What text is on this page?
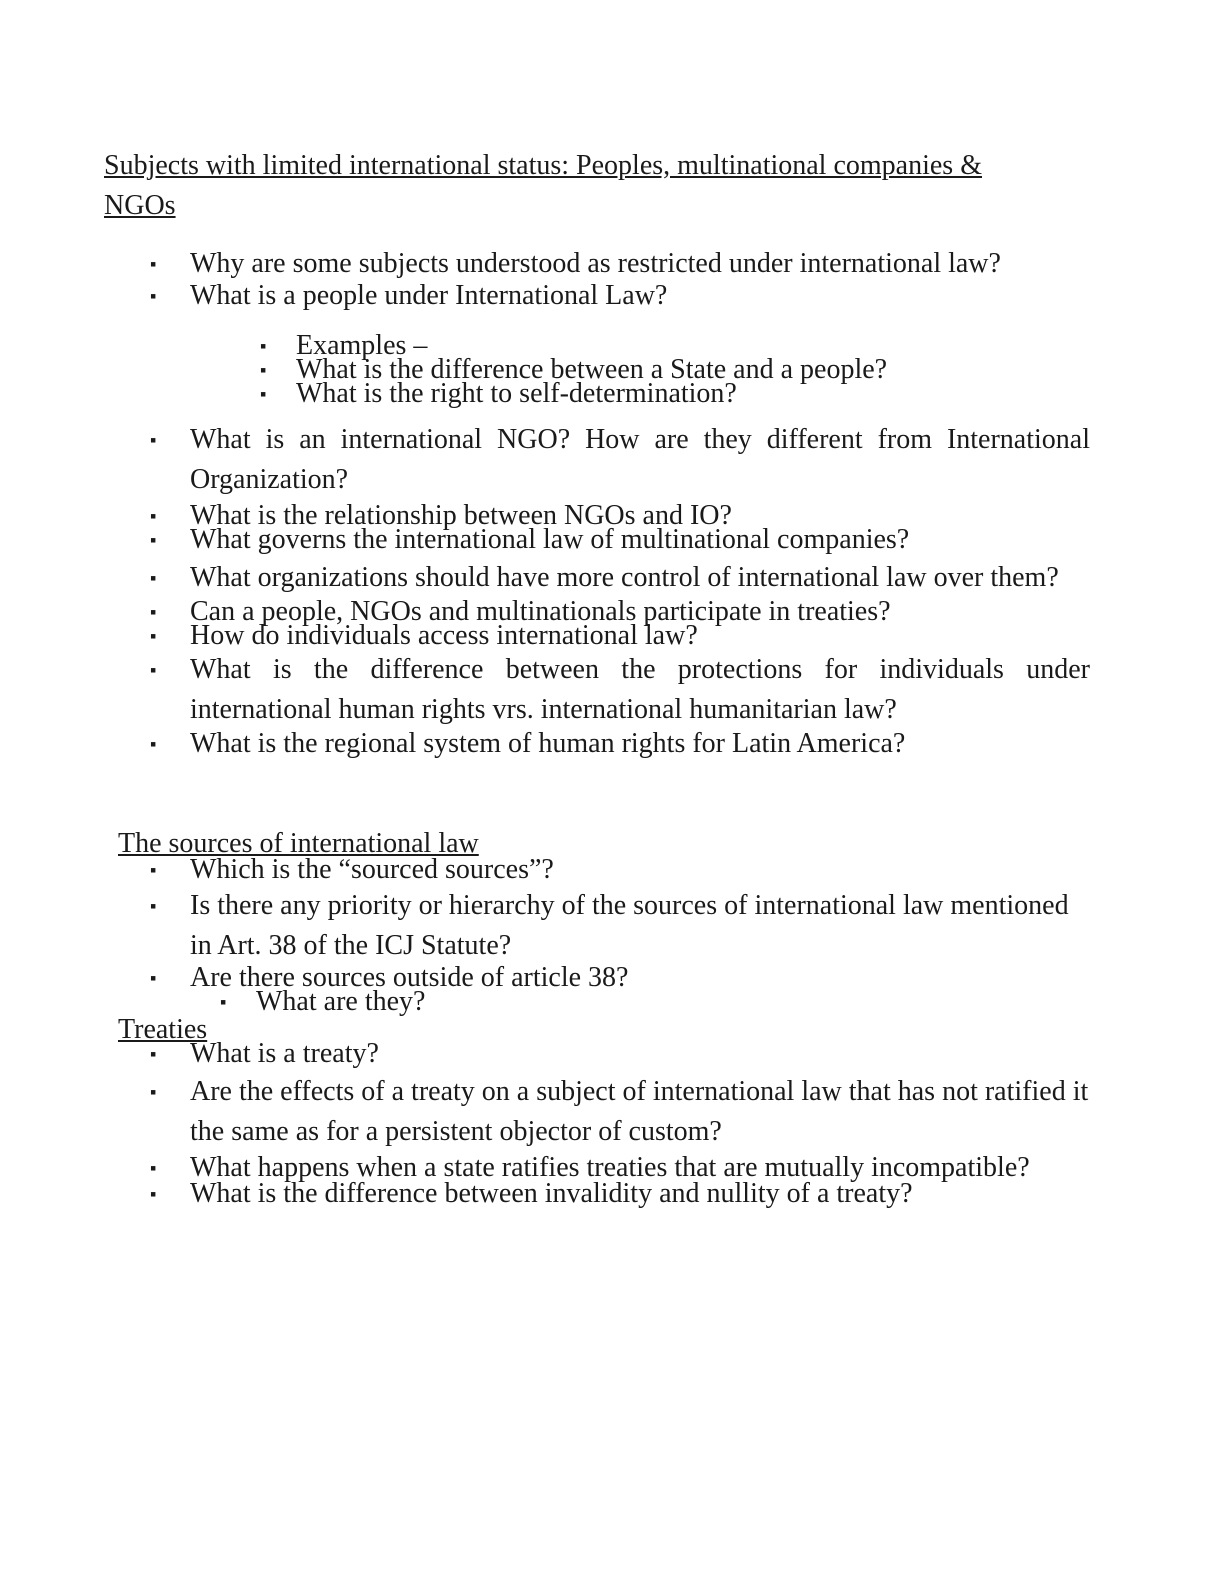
Subjects with limited international status: Peoples, multinational companies & NGOs
▪ Why are some subjects understood as restricted under international law?
▪ What is a people under International Law?
▪ Examples –
▪ What is the difference between a State and a people?
▪ What is the right to self-determination?
▪ What is an international NGO? How are they different from International Organization?
▪ What is the relationship between NGOs and IO?
▪ What governs the international law of multinational companies?
▪ What organizations should have more control of international law over them?
▪ Can a people, NGOs and multinationals participate in treaties?
▪ How do individuals access international law?
▪ What is the difference between the protections for individuals under international human rights vrs. international humanitarian law?
▪ What is the regional system of human rights for Latin America?
The sources of international law
▪ Which is the “sourced sources”?
▪ Is there any priority or hierarchy of the sources of international law mentioned in Art. 38 of the ICJ Statute?
▪ Are there sources outside of article 38?
▪ What are they?
Treaties
▪ What is a treaty?
▪ Are the effects of a treaty on a subject of international law that has not ratified it the same as for a persistent objector of custom?
▪ What happens when a state ratifies treaties that are mutually incompatible?
▪ What is the difference between invalidity and nullity of a treaty?
